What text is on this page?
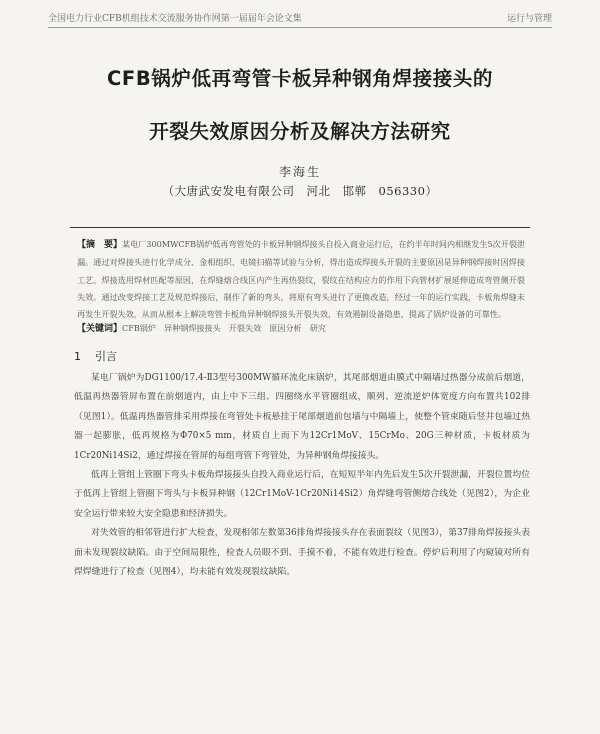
全国电力行业CFB机组技术交流服务协作网第一届届年会论文集	运行与管理
CFB锅炉低再弯管卡板异种钢角焊接接头的
开裂失效原因分析及解决方法研究
李海生
（大唐武安发电有限公司　河北　邯郸　056330）
【摘　要】某电厂300MWCFB锅炉低再弯管处的卡板异种钢焊接头自投入商业运行后，在约半年时间内相继发生5次开裂泄漏。通过对焊接头进行化学成分、金相组织、电镜扫描等试验与分析，得出造成焊接头开裂的主要原因是异种钢焊接时因焊接工艺、焊接选用焊材匹配等原因，在焊缝熔合线区内产生再热裂纹，裂纹在结构应力的作用下向管材扩展延伸造成弯管侧开裂失效。通过改变焊接工艺及规范焊接后，制作了新的弯头，将原有弯头进行了更换改造，经过一年的运行实践，卡板角焊缝未再发生开裂失效，从而从根本上解决弯管卡板角异种钢焊接头开裂失效，有效遏制设备隐患，提高了锅炉设备的可靠性。
【关键词】CFB锅炉　异种钢焊接接头　开裂失效　原因分析　研究
1 引言

某电厂锅炉为DG1100/17.4-Ⅱ3型号300MW循环流化床锅炉，其尾部烟道由膜式中隔墙过热器分成前后烟道，低温再热器管屏布置在前烟道内，由上中下三组、四圈绕水平管圈组成，顺列、逆流逆炉体宽度方向布置共102排（见图1）。低温再热器管排采用焊接在弯管处卡板悬挂于尾部烟道前包墙与中隔墙上，使整个管束随后竖井包墙过热器一起膨胀，低再规格为Φ70×5 mm，材质自上而下为12Cr1MoV、15CrMo、20G三种材质，卡板材质为1Cr20Ni14Si2，通过焊接在管屏的每组弯管下弯管处，为异种钢角焊接接头。

低再上管组上管圈下弯头卡板角焊接接头自投入商业运行后，在短短半年内先后发生5次开裂泄漏，开裂位置均位于低再上管组上管圈下弯头与卡板异种钢（12Cr1MoV-1Cr20Ni14Si2）角焊缝弯管侧熔合线处（见图2），为企业安全运行带来较大安全隐患和经济损失。

对失效管的相邻管进行扩大检查，发现相邻左数第36排角焊接接头存在表面裂纹（见图3），第37排角焊接接头表面未发现裂纹缺陷。由于空间局限性，检查人员眼不到、手摸不着，不能有效进行检查。停炉后利用了内窥镜对所有焊焊缝进行了检查（见图4），均未能有效发现裂纹缺陷。
